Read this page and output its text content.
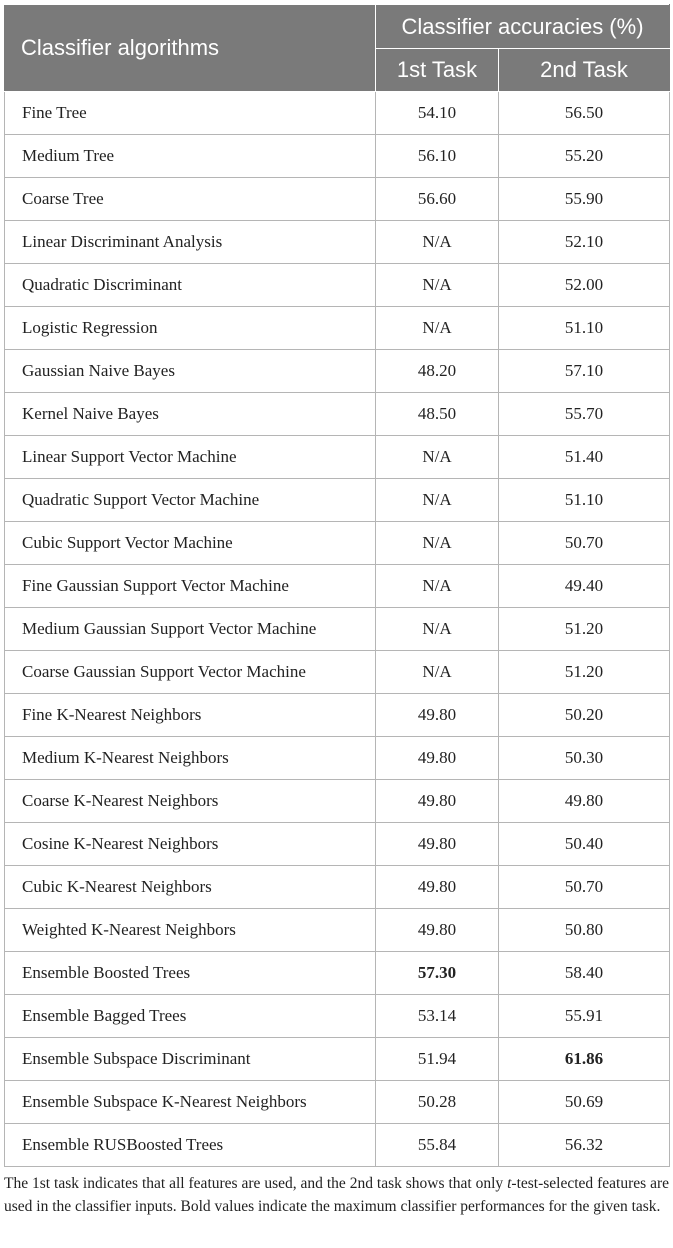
Classifier algorithms	Classifier accuracies (%)	
	1st Task	2nd Task
Fine Tree	54.10	56.50
Medium Tree	56.10	55.20
Coarse Tree	56.60	55.90
Linear Discriminant Analysis	N/A	52.10
Quadratic Discriminant	N/A	52.00
Logistic Regression	N/A	51.10
Gaussian Naive Bayes	48.20	57.10
Kernel Naive Bayes	48.50	55.70
Linear Support Vector Machine	N/A	51.40
Quadratic Support Vector Machine	N/A	51.10
Cubic Support Vector Machine	N/A	50.70
Fine Gaussian Support Vector Machine	N/A	49.40
Medium Gaussian Support Vector Machine	N/A	51.20
Coarse Gaussian Support Vector Machine	N/A	51.20
Fine K-Nearest Neighbors	49.80	50.20
Medium K-Nearest Neighbors	49.80	50.30
Coarse K-Nearest Neighbors	49.80	49.80
Cosine K-Nearest Neighbors	49.80	50.40
Cubic K-Nearest Neighbors	49.80	50.70
Weighted K-Nearest Neighbors	49.80	50.80
Ensemble Boosted Trees	57.30	58.40
Ensemble Bagged Trees	53.14	55.91
Ensemble Subspace Discriminant	51.94	61.86
Ensemble Subspace K-Nearest Neighbors	50.28	50.69
Ensemble RUSBoosted Trees	55.84	56.32
The 1st task indicates that all features are used, and the 2nd task shows that only t-test-selected features are used in the classifier inputs. Bold values indicate the maximum classifier performances for the given task.
